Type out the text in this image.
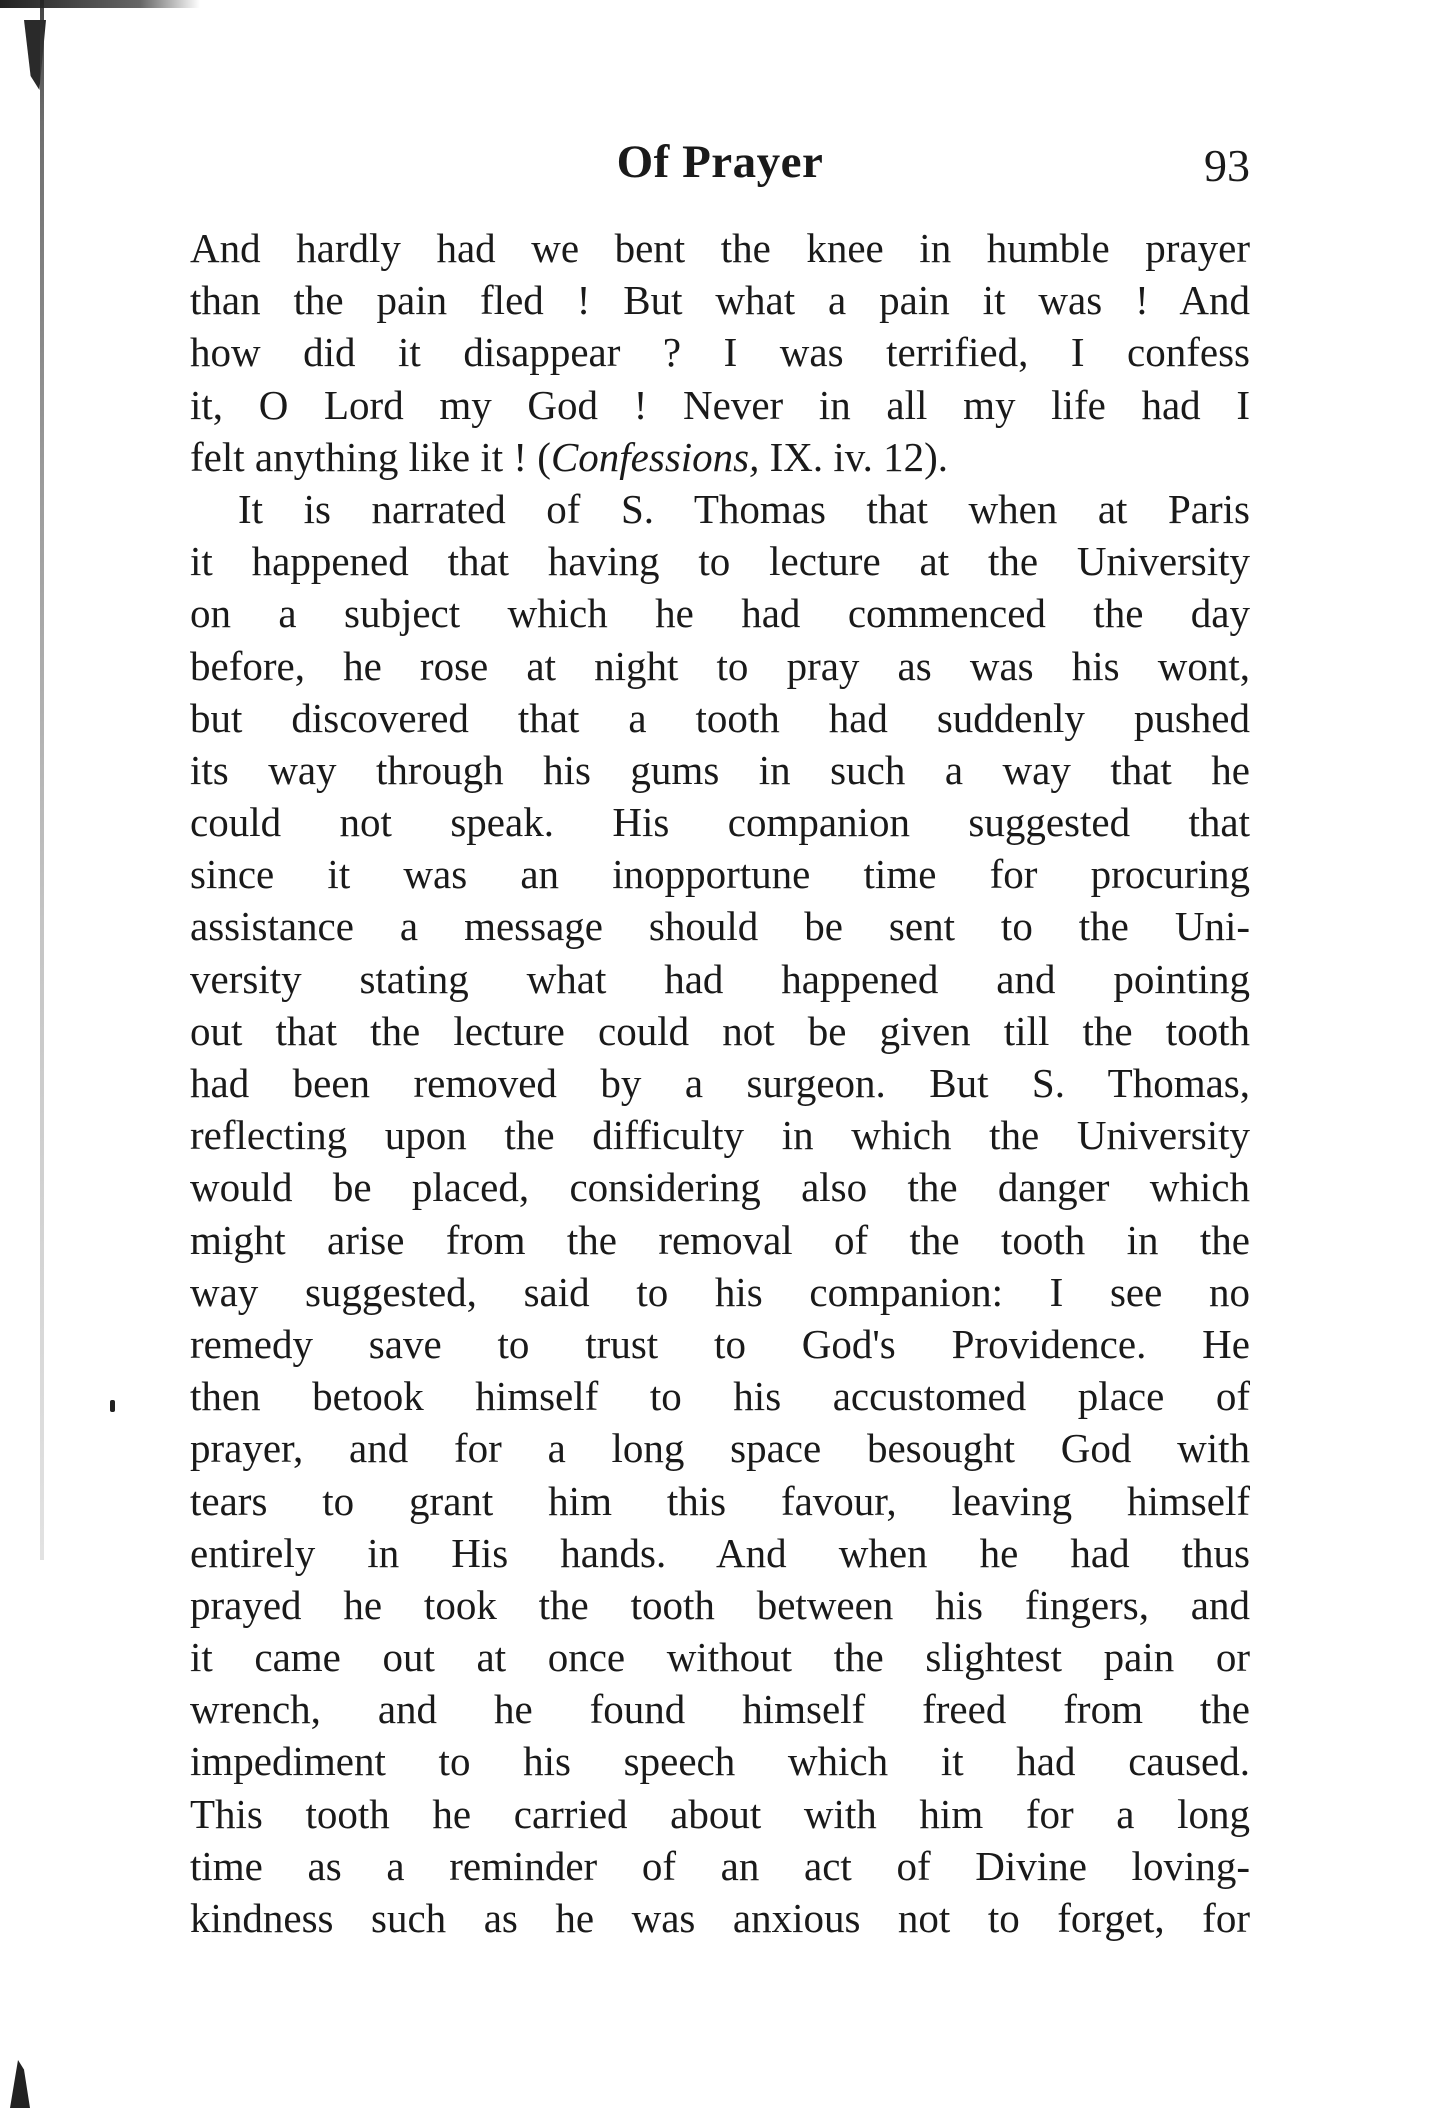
Of Prayer	93
And hardly had we bent the knee in humble prayer
than the pain fled ! But what a pain it was ! And
how did it disappear ? I was terrified, I confess
it, O Lord my God ! Never in all my life had I
felt anything like it ! (Confessions, IX. iv. 12).
It is narrated of S. Thomas that when at Paris
it happened that having to lecture at the University
on a subject which he had commenced the day
before, he rose at night to pray as was his wont,
but discovered that a tooth had suddenly pushed
its way through his gums in such a way that he
could not speak. His companion suggested that
since it was an inopportune time for procuring
assistance a message should be sent to the Uni-
versity stating what had happened and pointing
out that the lecture could not be given till the tooth
had been removed by a surgeon. But S. Thomas,
reflecting upon the difficulty in which the University
would be placed, considering also the danger which
might arise from the removal of the tooth in the
way suggested, said to his companion: I see no
remedy save to trust to God's Providence. He
then betook himself to his accustomed place of
prayer, and for a long space besought God with
tears to grant him this favour, leaving himself
entirely in His hands. And when he had thus
prayed he took the tooth between his fingers, and
it came out at once without the slightest pain or
wrench, and he found himself freed from the
impediment to his speech which it had caused.
This tooth he carried about with him for a long
time as a reminder of an act of Divine loving-
kindness such as he was anxious not to forget, for
